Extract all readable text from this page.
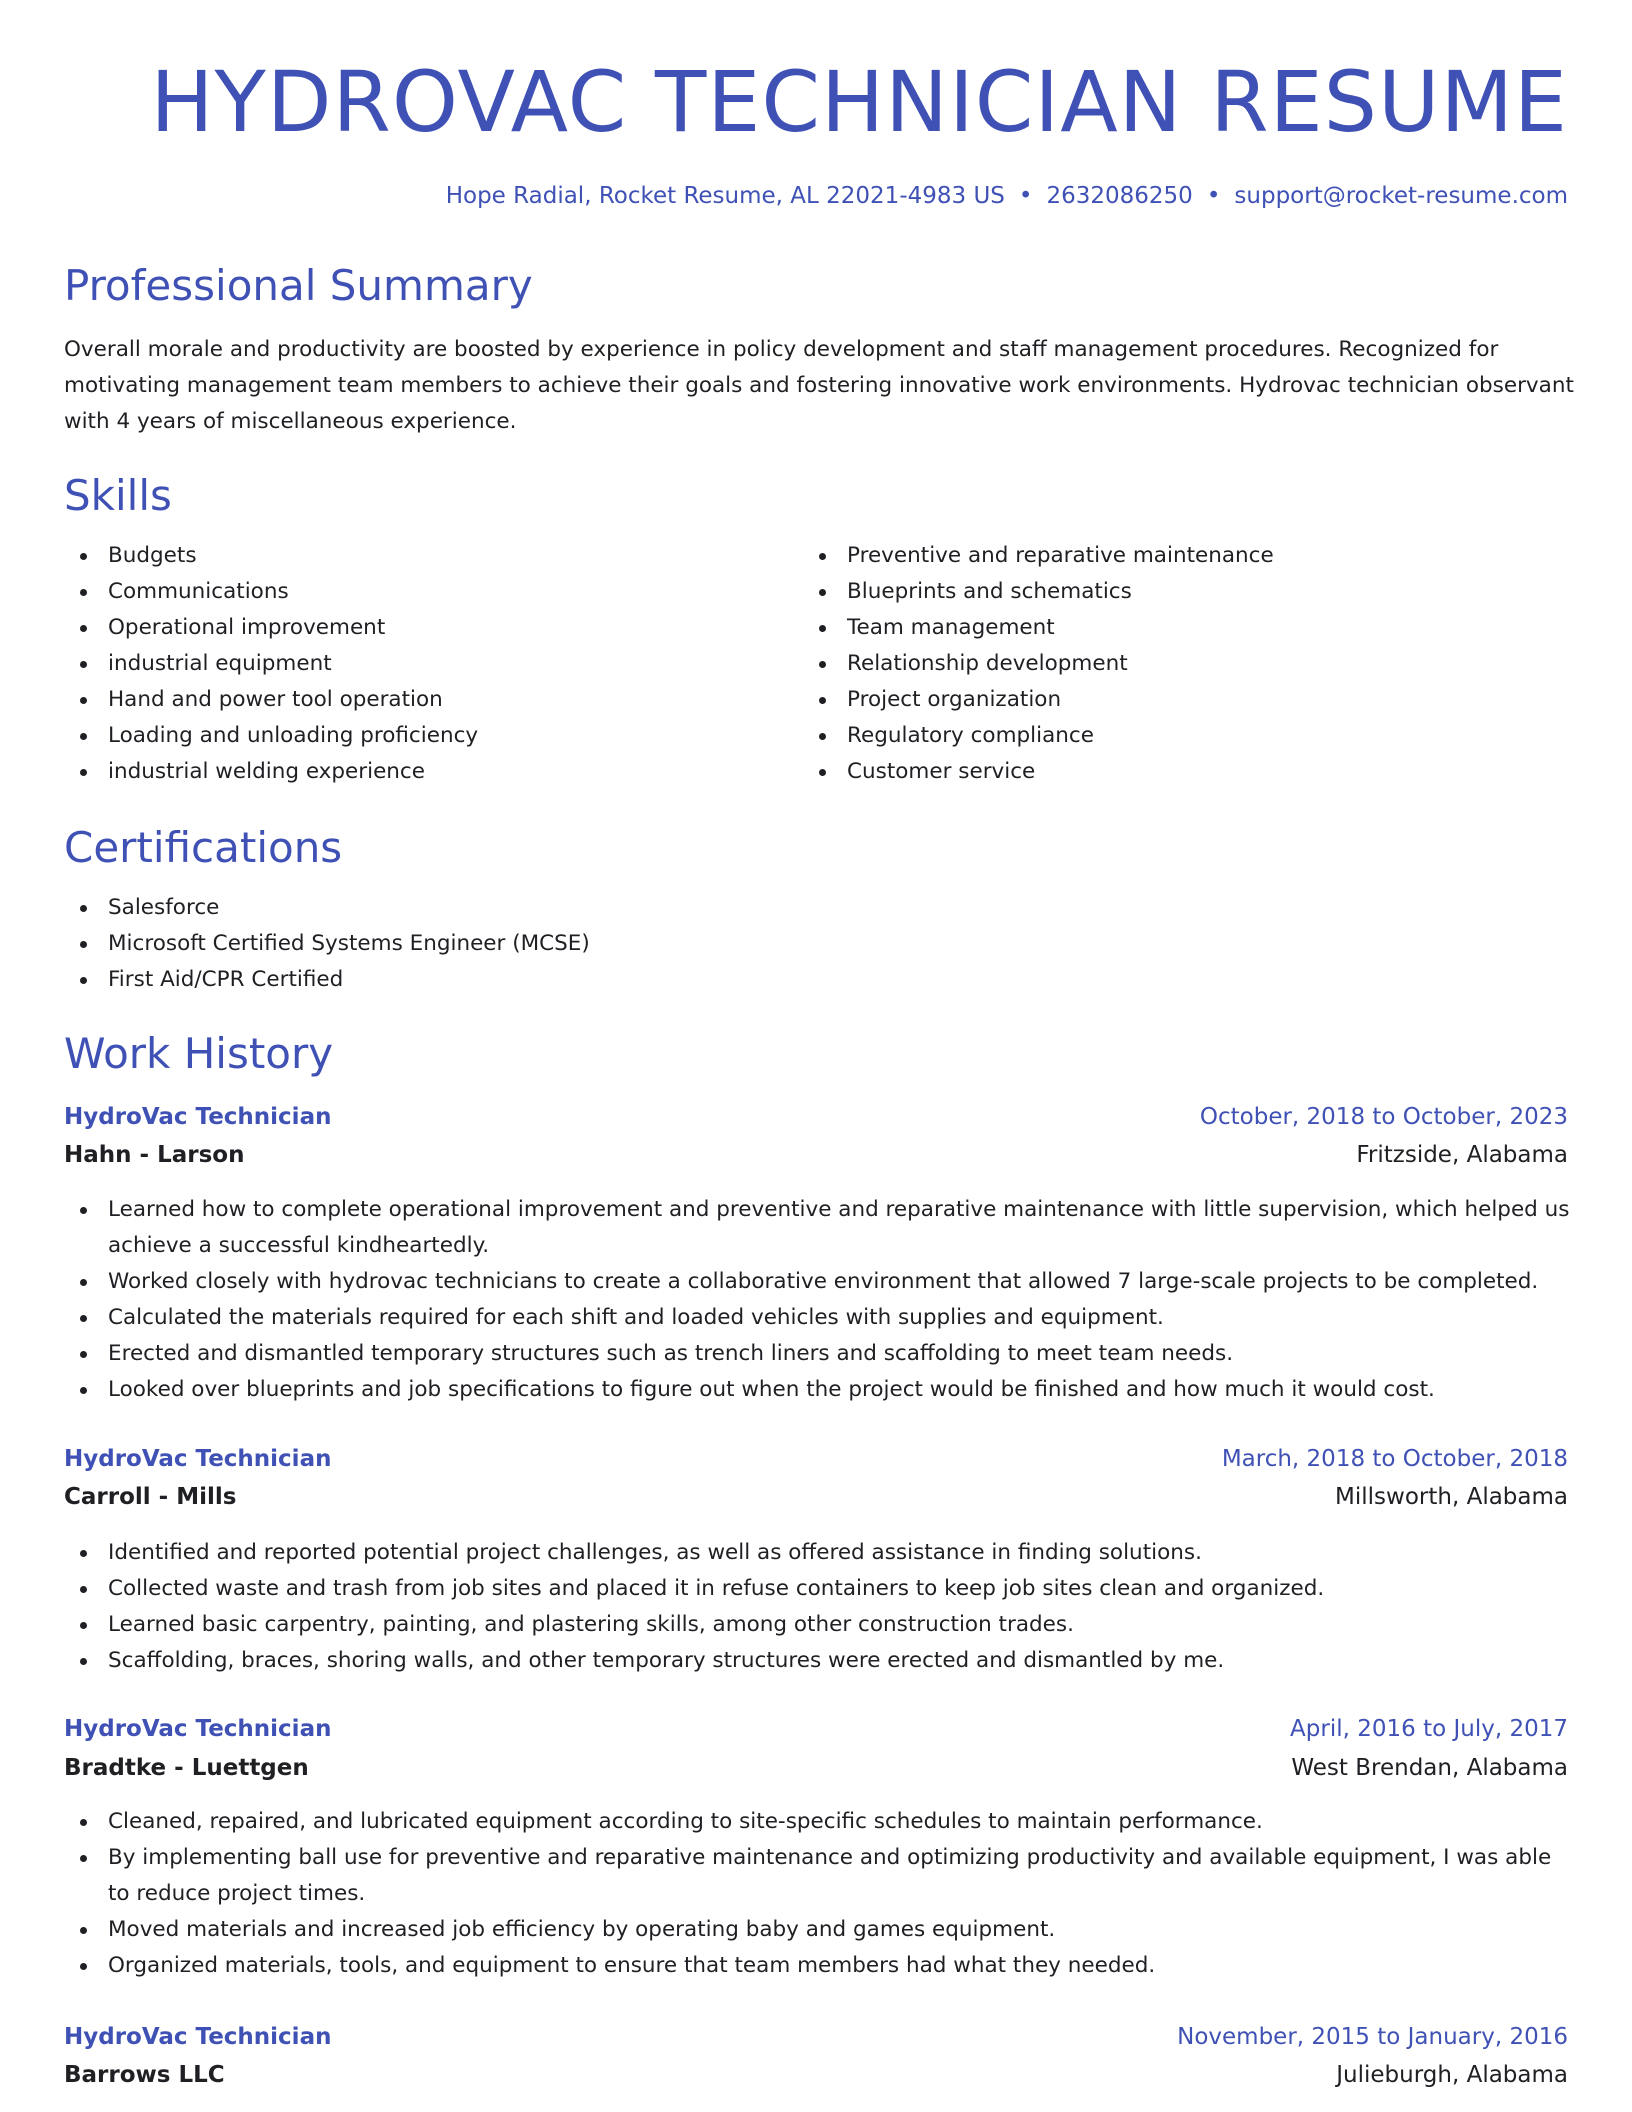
HYDROVAC TECHNICIAN RESUME
Hope Radial, Rocket Resume, AL 22021-4983 US • 2632086250 • support@rocket-resume.com
Professional Summary

Overall morale and productivity are boosted by experience in policy development and staff management procedures. Recognized for motivating management team members to achieve their goals and fostering innovative work environments. Hydrovac technician observant with 4 years of miscellaneous experience.

Skills
Budgets
Communications
Operational improvement
industrial equipment
Hand and power tool operation
Loading and unloading proficiency
industrial welding experience
Preventive and reparative maintenance
Blueprints and schematics
Team management
Relationship development
Project organization
Regulatory compliance
Customer service
Certifications
Salesforce
Microsoft Certified Systems Engineer (MCSE)
First Aid/CPR Certified
Work History
HydroVac Technician	October, 2018 to October, 2023
Hahn - Larson	Fritzside, Alabama
Learned how to complete operational improvement and preventive and reparative maintenance with little supervision, which helped us achieve a successful kindheartedly.
Worked closely with hydrovac technicians to create a collaborative environment that allowed 7 large-scale projects to be completed.
Calculated the materials required for each shift and loaded vehicles with supplies and equipment.
Erected and dismantled temporary structures such as trench liners and scaffolding to meet team needs.
Looked over blueprints and job specifications to figure out when the project would be finished and how much it would cost.
HydroVac Technician	March, 2018 to October, 2018
Carroll - Mills	Millsworth, Alabama
Identified and reported potential project challenges, as well as offered assistance in finding solutions.
Collected waste and trash from job sites and placed it in refuse containers to keep job sites clean and organized.
Learned basic carpentry, painting, and plastering skills, among other construction trades.
Scaffolding, braces, shoring walls, and other temporary structures were erected and dismantled by me.
HydroVac Technician	April, 2016 to July, 2017
Bradtke - Luettgen	West Brendan, Alabama
Cleaned, repaired, and lubricated equipment according to site-specific schedules to maintain performance.
By implementing ball use for preventive and reparative maintenance and optimizing productivity and available equipment, I was able to reduce project times.
Moved materials and increased job efficiency by operating baby and games equipment.
Organized materials, tools, and equipment to ensure that team members had what they needed.
HydroVac Technician	November, 2015 to January, 2016
Barrows LLC	Julieburgh, Alabama
